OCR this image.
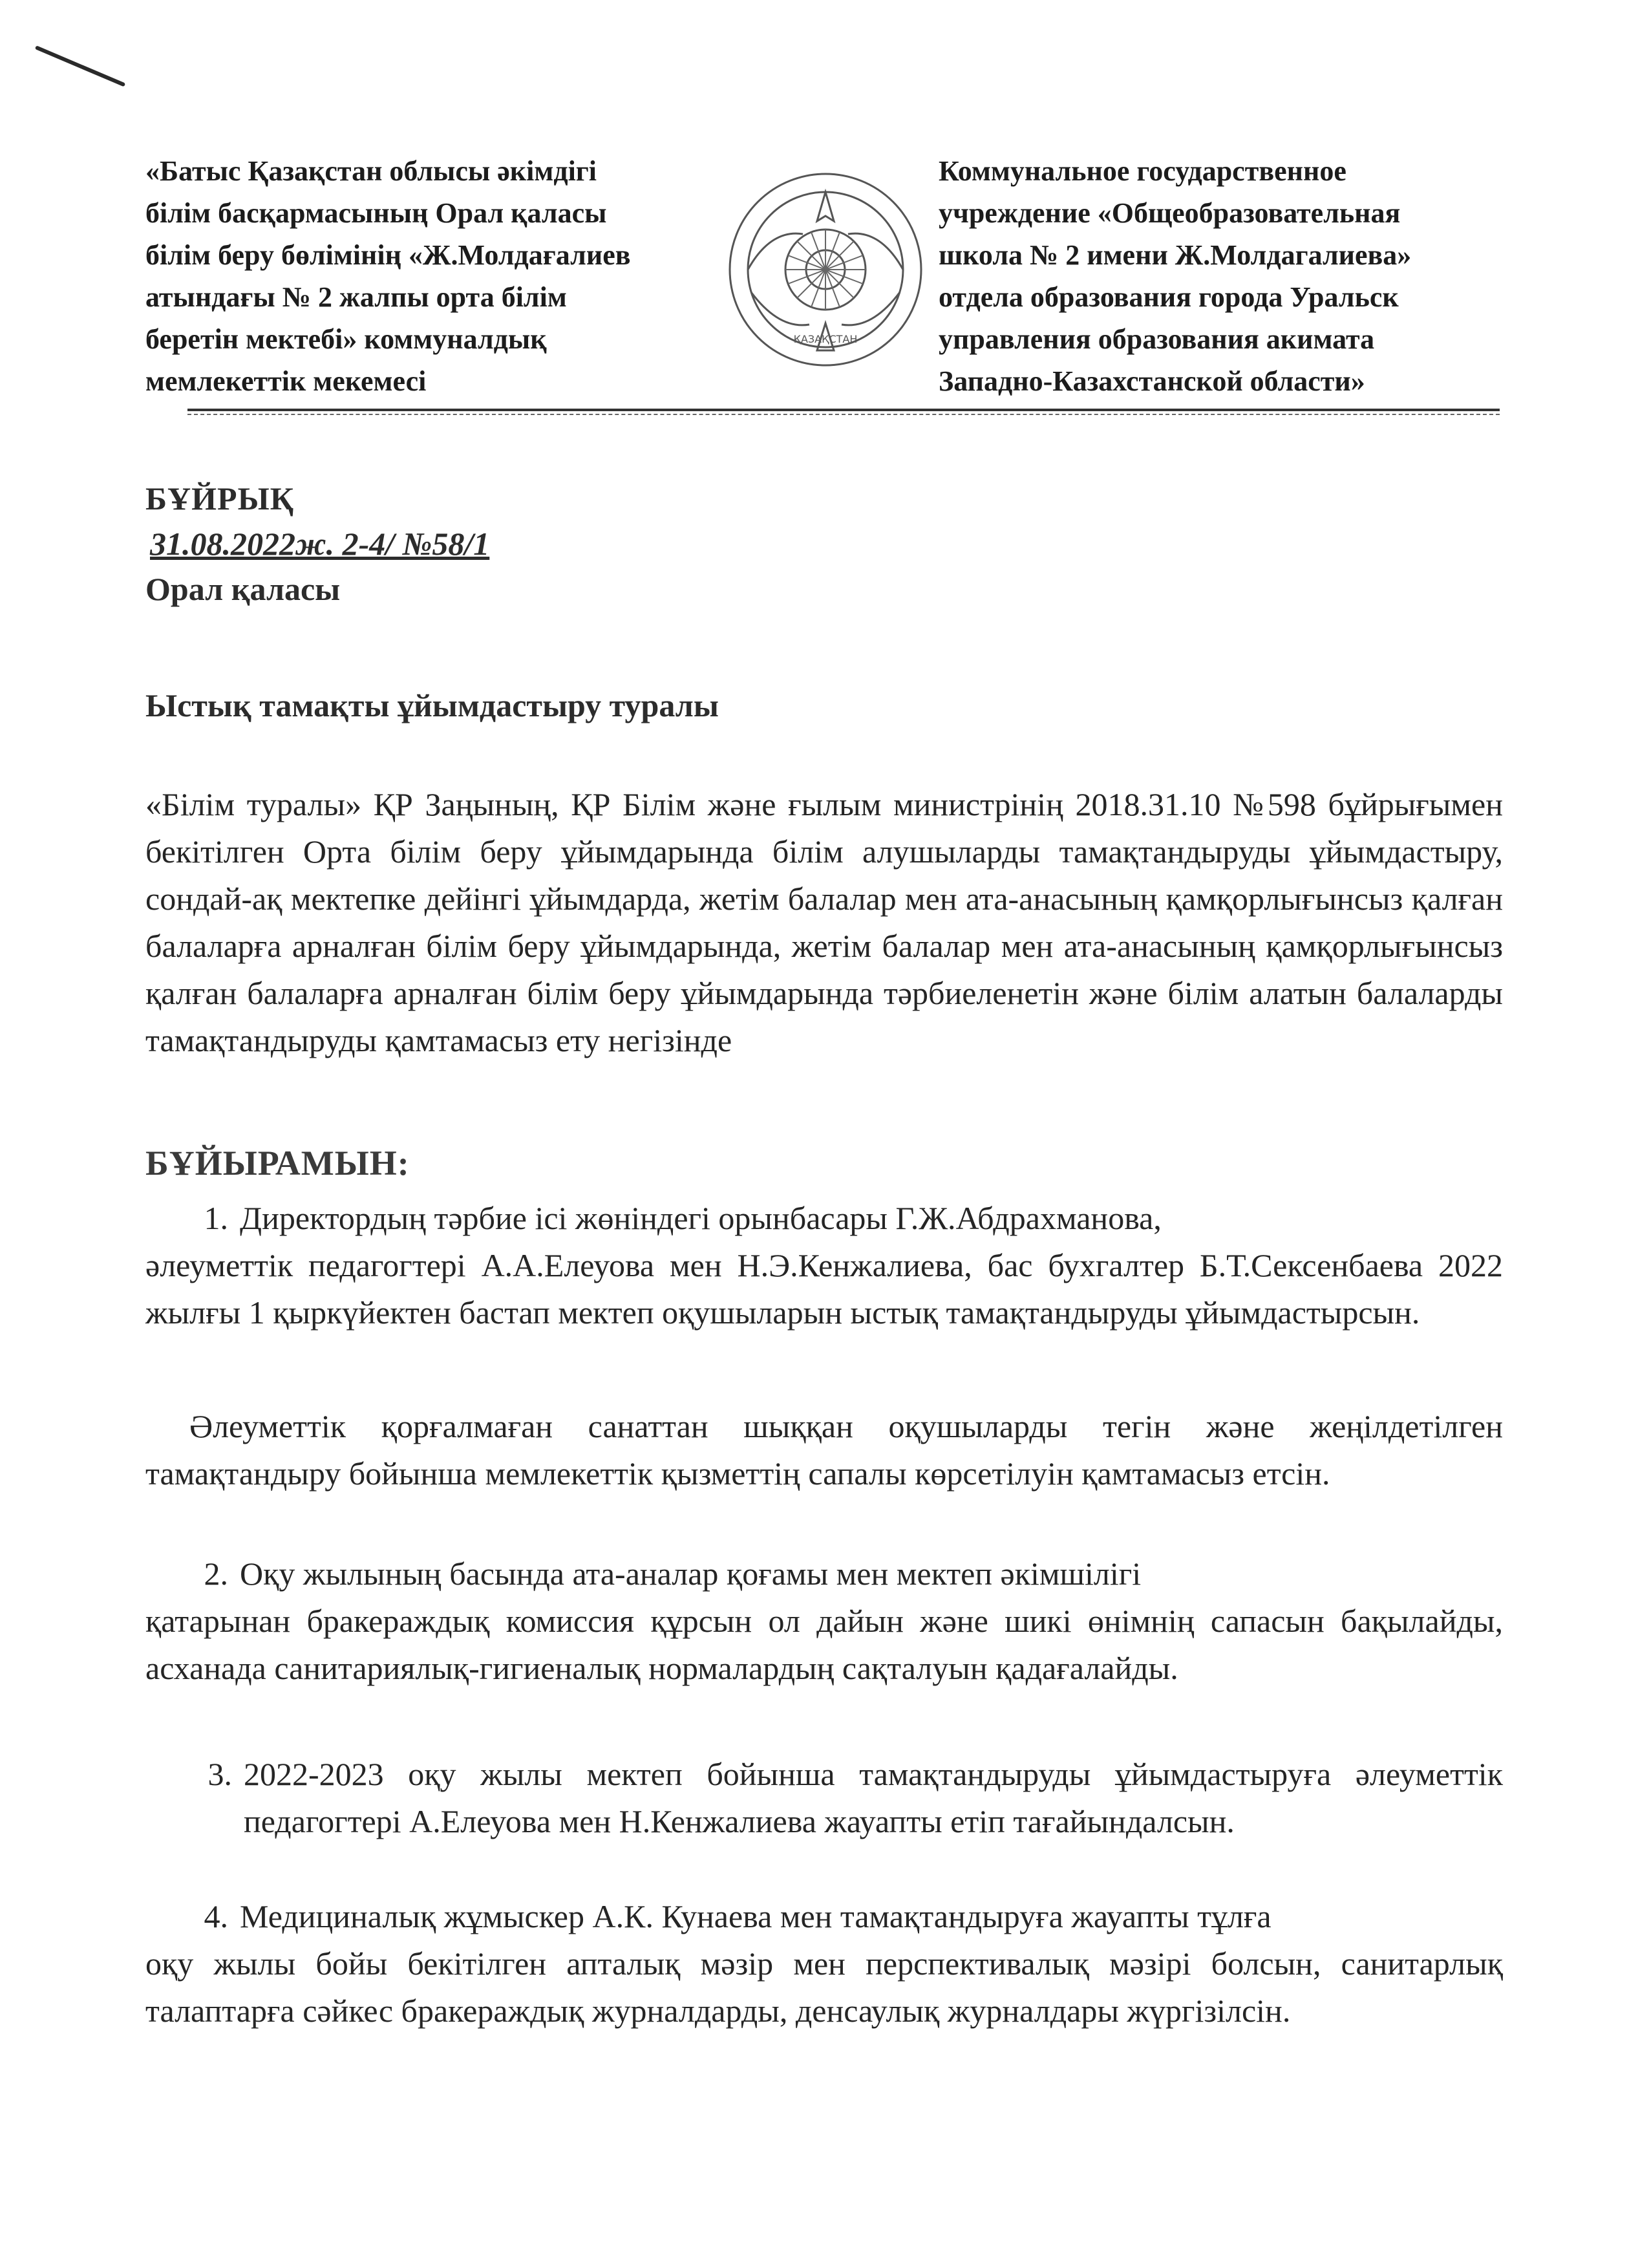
«Батыс Қазақстан облысы әкімдігі
білім басқармасының Орал қаласы
білім беру бөлімінің «Ж.Молдағалиев
атындағы № 2 жалпы орта білім
беретін мектебі» коммуналдық
мемлекеттік мекемесі
ҚАЗАҚСТАН
Коммунальное государственное
учреждение «Общеобразовательная
школа № 2 имени Ж.Молдагалиева»
отдела образования города Уральск
управления образования акимата
Западно-Казахстанской области»
БҰЙРЫҚ
31.08.2022ж. 2-4/ №58/1
Орал қаласы
Ыстық тамақты ұйымдастыру туралы
«Білім туралы» ҚР Заңының, ҚР Білім және ғылым министрінің 2018.31.10 №598 бұйрығымен бекітілген Орта білім беру ұйымдарында білім алушыларды тамақтандыруды ұйымдастыру, сондай-ақ мектепке дейінгі ұйымдарда, жетім балалар мен ата-анасының қамқорлығынсыз қалған балаларға арналған білім беру ұйымдарында, жетім балалар мен ата-анасының қамқорлығынсыз қалған балаларға арналған білім беру ұйымдарында тәрбиеленетін және білім алатын балаларды тамақтандыруды қамтамасыз ету негізінде
БҰЙЫРАМЫН:
1. Директордың тәрбие ісі жөніндегі орынбасары Г.Ж.Абдрахманова,
әлеуметтік педагогтері А.А.Елеуова мен Н.Э.Кенжалиева, бас бухгалтер Б.Т.Сексенбаева 2022 жылғы 1 қыркүйектен бастап мектеп оқушыларын ыстық тамақтандыруды ұйымдастырсын.
Әлеуметтік қорғалмаған санаттан шыққан оқушыларды тегін және жеңілдетілген тамақтандыру бойынша мемлекеттік қызметтің сапалы көрсетілуін қамтамасыз етсін.
2. Оқу жылының басында ата-аналар қоғамы мен мектеп әкімшілігі
қатарынан бракераждық комиссия құрсын ол дайын және шикі өнімнің сапасын бақылайды, асханада санитариялық-гигиеналық нормалардың сақталуын қадағалайды.
3. 2022-2023 оқу жылы мектеп бойынша тамақтандыруды ұйымдастыруға әлеуметтік педагогтері А.Елеуова мен Н.Кенжалиева жауапты етіп тағайындалсын.
4. Медициналық жұмыскер А.К. Кунаева мен тамақтандыруға жауапты тұлға
оқу жылы бойы бекітілген апталық мәзір мен перспективалық мәзірі болсын, санитарлық талаптарға сәйкес бракераждық журналдарды, денсаулық журналдары жүргізілсін.
